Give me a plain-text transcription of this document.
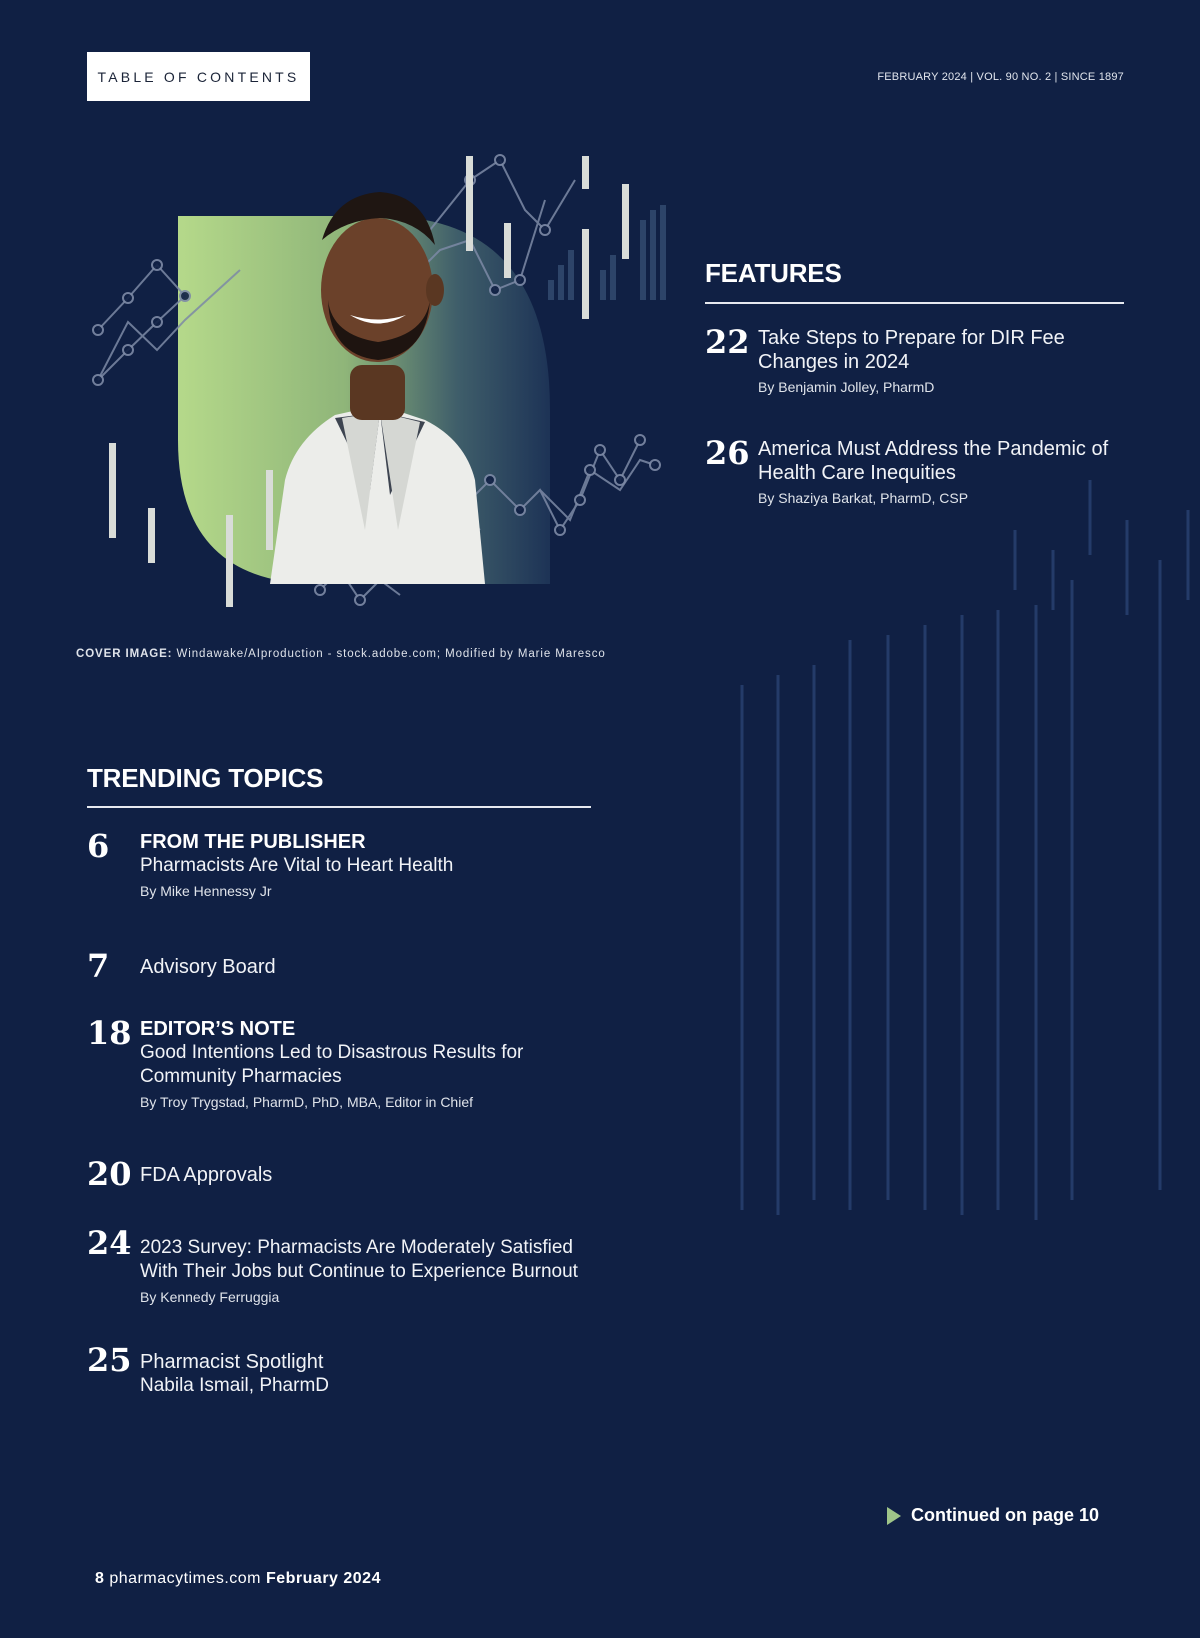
TABLE OF CONTENTS	FEBRUARY 2024 | VOL. 90 NO. 2 | SINCE 1897
COVER IMAGE: Windawake/AIproduction - stock.adobe.com; Modified by Marie Maresco
FEATURES
22 Take Steps to Prepare for DIR Fee Changes in 2024
By Benjamin Jolley, PharmD
26 America Must Address the Pandemic of Health Care Inequities
By Shaziya Barkat, PharmD, CSP
TRENDING TOPICS
6 FROM THE PUBLISHER
Pharmacists Are Vital to Heart Health
By Mike Hennessy Jr
7 Advisory Board
18 EDITOR’S NOTE
Good Intentions Led to Disastrous Results for Community Pharmacies
By Troy Trygstad, PharmD, PhD, MBA, Editor in Chief
20 FDA Approvals
24 2023 Survey: Pharmacists Are Moderately Satisfied With Their Jobs but Continue to Experience Burnout
By Kennedy Ferruggia
25 Pharmacist Spotlight
Nabila Ismail, PharmD
Continued on page 10
8 pharmacytimes.com February 2024
